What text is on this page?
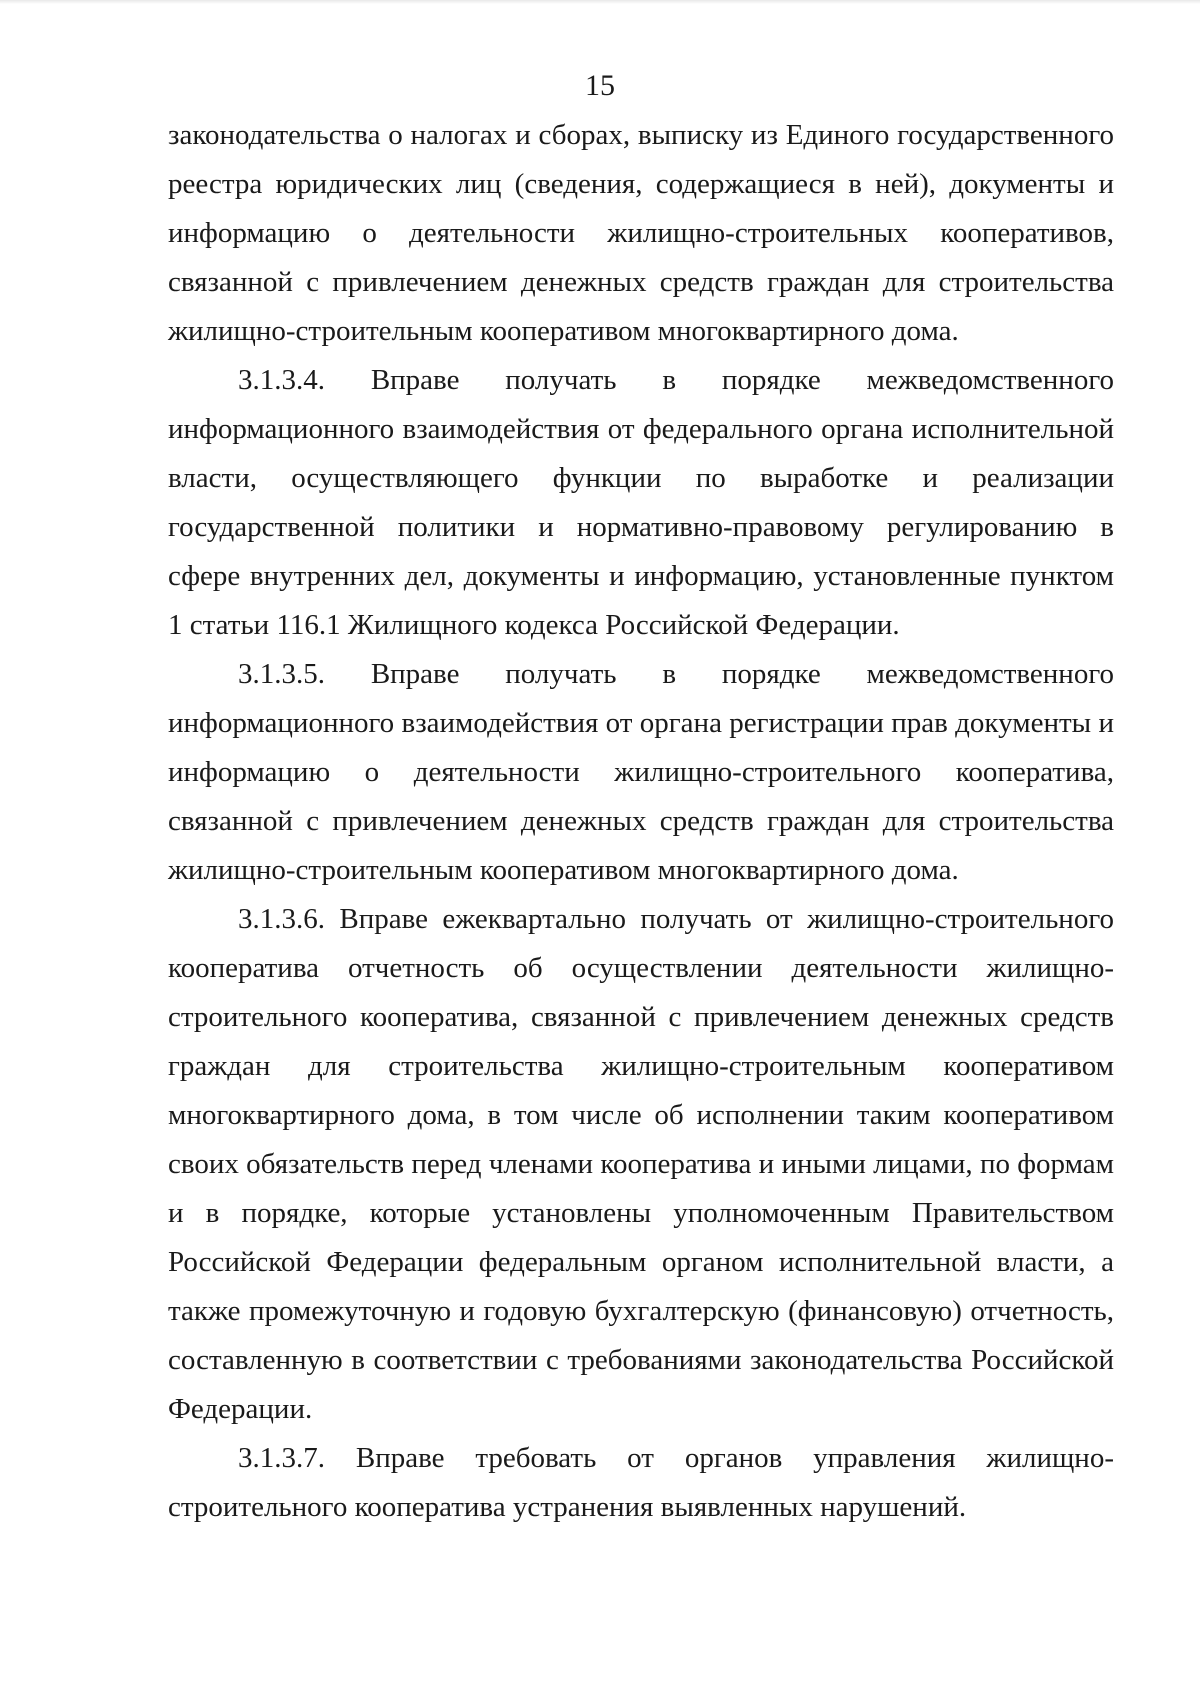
15

законодательства о налогах и сборах, выписку из Единого государственного реестра юридических лиц (сведения, содержащиеся в ней), документы и информацию о деятельности жилищно-строительных кооперативов, связанной с привлечением денежных средств граждан для строительства жилищно-строительным кооперативом многоквартирного дома.

3.1.3.4. Вправе получать в порядке межведомственного информационного взаимодействия от федерального органа исполнительной власти, осуществляющего функции по выработке и реализации государственной политики и нормативно-правовому регулированию в сфере внутренних дел, документы и информацию, установленные пунктом 1 статьи 116.1 Жилищного кодекса Российской Федерации.

3.1.3.5. Вправе получать в порядке межведомственного информационного взаимодействия от органа регистрации прав документы и информацию о деятельности жилищно-строительного кооператива, связанной с привлечением денежных средств граждан для строительства жилищно-строительным кооперативом многоквартирного дома.

3.1.3.6. Вправе ежеквартально получать от жилищно-строительного кооператива отчетность об осуществлении деятельности жилищно-строительного кооператива, связанной с привлечением денежных средств граждан для строительства жилищно-строительным кооперативом многоквартирного дома, в том числе об исполнении таким кооперативом своих обязательств перед членами кооператива и иными лицами, по формам и в порядке, которые установлены уполномоченным Правительством Российской Федерации федеральным органом исполнительной власти, а также промежуточную и годовую бухгалтерскую (финансовую) отчетность, составленную в соответствии с требованиями законодательства Российской Федерации.

3.1.3.7. Вправе требовать от органов управления жилищно-строительного кооператива устранения выявленных нарушений.
